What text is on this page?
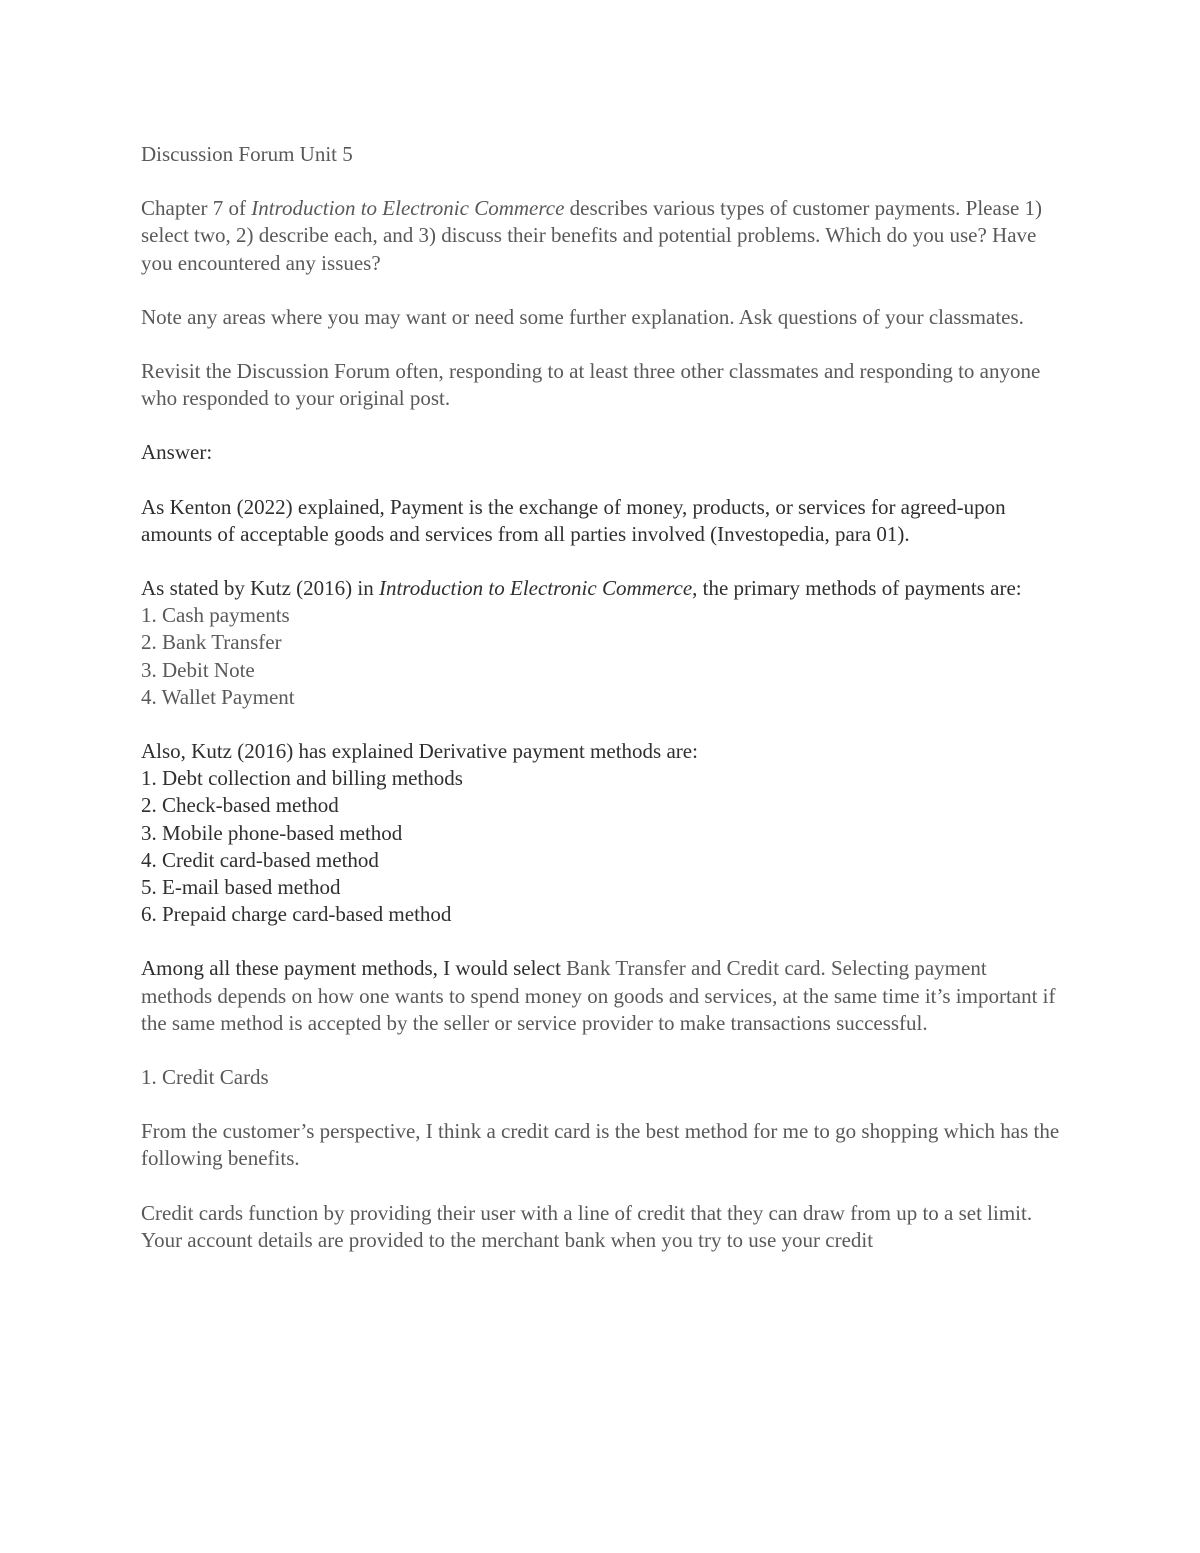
Discussion Forum Unit 5

Chapter 7 of Introduction to Electronic Commerce describes various types of customer payments. Please 1) select two, 2) describe each, and 3) discuss their benefits and potential problems. Which do you use? Have you encountered any issues?

Note any areas where you may want or need some further explanation. Ask questions of your classmates.

Revisit the Discussion Forum often, responding to at least three other classmates and responding to anyone who responded to your original post.

Answer:

As Kenton (2022) explained, Payment is the exchange of money, products, or services for agreed-upon amounts of acceptable goods and services from all parties involved (Investopedia, para 01).

As stated by Kutz (2016) in Introduction to Electronic Commerce, the primary methods of payments are:
1. Cash payments
2. Bank Transfer
3. Debit Note
4. Wallet Payment
Also, Kutz (2016) has explained Derivative payment methods are:
1. Debt collection and billing methods
2. Check-based method
3. Mobile phone-based method
4. Credit card-based method
5. E-mail based method
6. Prepaid charge card-based method

Among all these payment methods, I would select Bank Transfer and Credit card. Selecting payment methods depends on how one wants to spend money on goods and services, at the same time it’s important if the same method is accepted by the seller or service provider to make transactions successful.

1. Credit Cards

From the customer’s perspective, I think a credit card is the best method for me to go shopping which has the following benefits.

Credit cards function by providing their user with a line of credit that they can draw from up to a set limit. Your account details are provided to the merchant bank when you try to use your credit
